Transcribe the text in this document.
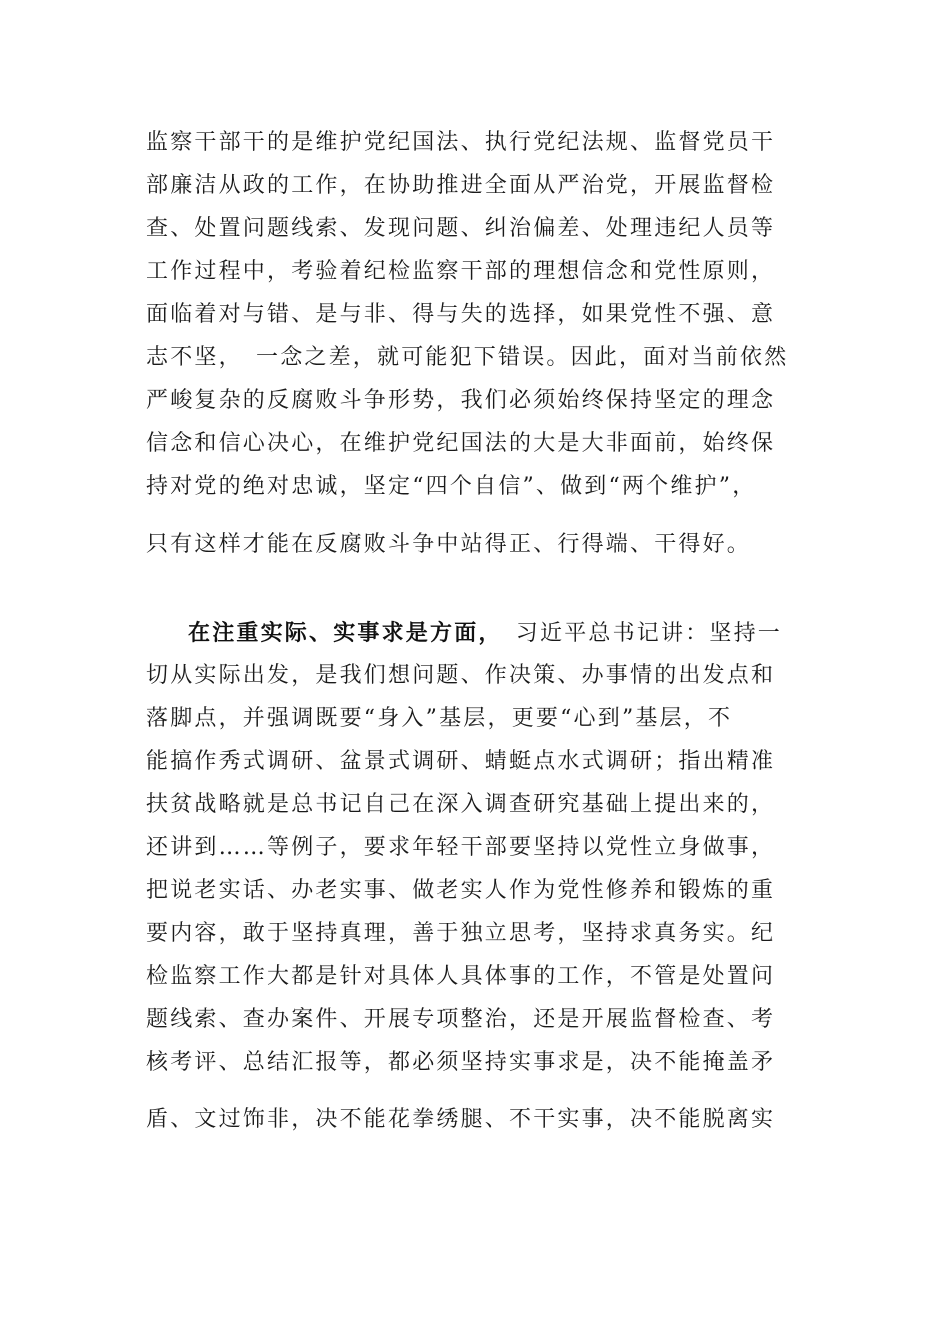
监察干部干的是维护党纪国法、执行党纪法规、监督党员干
部廉洁从政的工作，在协助推进全面从严治党，开展监督检
查、处置问题线索、发现问题、纠治偏差、处理违纪人员等
工作过程中，考验着纪检监察干部的理想信念和党性原则，
面临着对与错、是与非、得与失的选择，如果党性不强、意
志不坚，　一念之差，就可能犯下错误。因此，面对当前依然
严峻复杂的反腐败斗争形势，我们必须始终保持坚定的理念
信念和信心决心，在维护党纪国法的大是大非面前，始终保
持对党的绝对忠诚，坚定“四个自信”、做到“两个维护”，
只有这样才能在反腐败斗争中站得正、行得端、干得好。
在注重实际、实事求是方面，　习近平总书记讲：坚持一
切从实际出发，是我们想问题、作决策、办事情的出发点和
落脚点，并强调既要“身入”基层，更要“心到”基层，不
能搞作秀式调研、盆景式调研、蜻蜓点水式调研；指出精准
扶贫战略就是总书记自己在深入调查研究基础上提出来的，
还讲到……等例子，要求年轻干部要坚持以党性立身做事，
把说老实话、办老实事、做老实人作为党性修养和锻炼的重
要内容，敢于坚持真理，善于独立思考，坚持求真务实。纪
检监察工作大都是针对具体人具体事的工作，不管是处置问
题线索、查办案件、开展专项整治，还是开展监督检查、考
核考评、总结汇报等，都必须坚持实事求是，决不能掩盖矛
盾、文过饰非，决不能花拳绣腿、不干实事，决不能脱离实
